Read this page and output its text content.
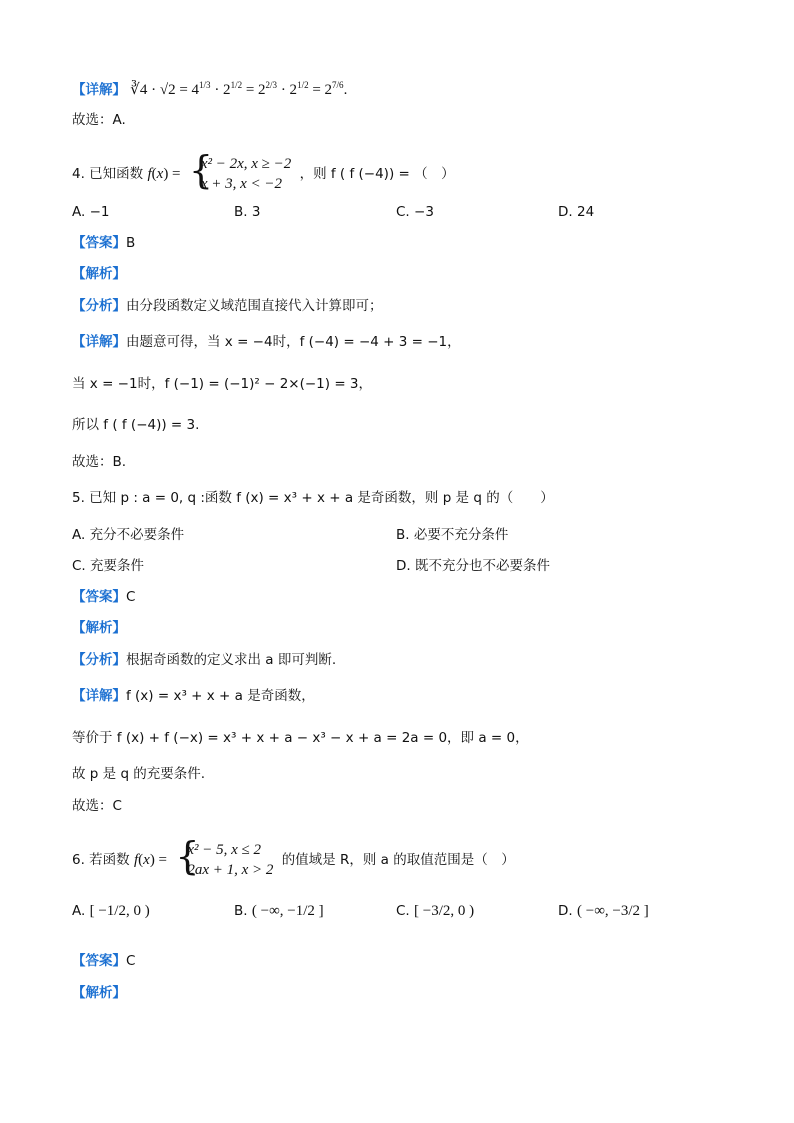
【详解】 ∛4 · $√2 = 4^{1/3} \cdot 2^{1/2} = 2^{2/3} \cdot 2^{1/2} = 2^{7/6}$.
故选：A.
4. 已知函数 f(x) = {
x² − 2x, x ≥ −2
x + 3, x < −2
，则 f ( f (−4)) = （　）
A. −1	B. 3	C. −3	D. 24
【答案】B
【解析】
【分析】由分段函数定义域范围直接代入计算即可；
【详解】由题意可得，当 x = −4时，f (−4) = −4 + 3 = −1，
当 x = −1时，f (−1) = (−1)² − 2×(−1) = 3，
所以 f ( f (−4)) = 3.
故选：B.
5. 已知 p : a = 0, q :函数 f (x) = x³ + x + a 是奇函数，则 p 是 q 的（　　）
A. 充分不必要条件	B. 必要不充分条件
C. 充要条件	D. 既不充分也不必要条件
【答案】C
【解析】
【分析】根据奇函数的定义求出 a 即可判断.
【详解】f (x) = x³ + x + a 是奇函数，
等价于 f (x) + f (−x) = x³ + x + a − x³ − x + a = 2a = 0，即 a = 0，
故 p 是 q 的充要条件.
故选：C
6. 若函数 f(x) = {
x² − 5, x ≤ 2
2ax + 1, x > 2
的值域是 R，则 a 的取值范围是（　）
A. [ −1/2, 0 )	B. ( −∞, −1/2 ]	C. [ −3/2, 0 )	D. ( −∞, −3/2 ]
【答案】C
【解析】
